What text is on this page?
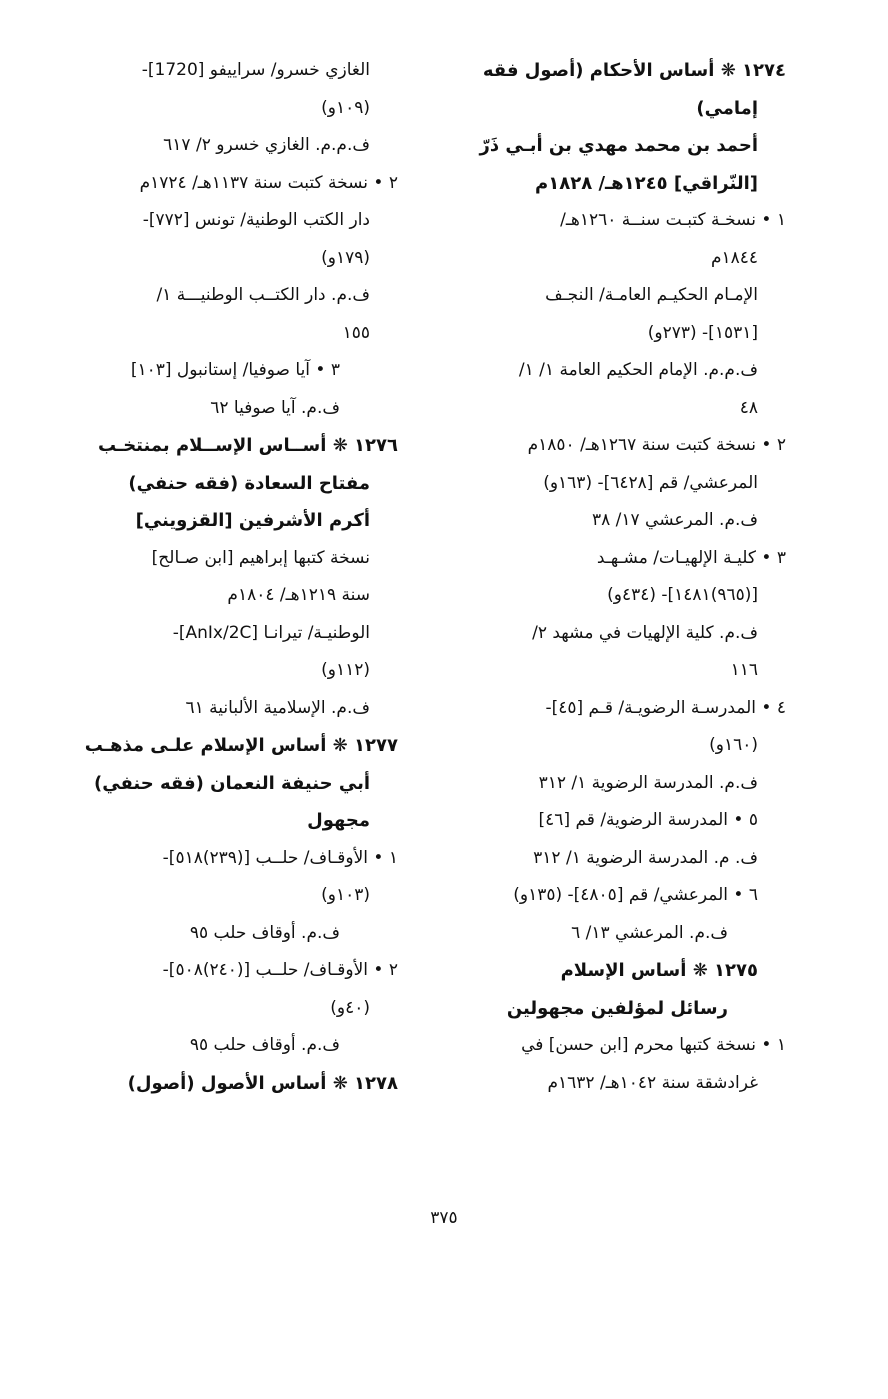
١٢٧٤ ❋ أساس الأحكام (أصول فقه
إمامي)
أحمد بن محمد مهدي بن أبـي ذَرّ
[النّراقي] ١٢٤٥هـ/ ١٨٢٨م
١ • نسخـة كتبـت سنــة ١٢٦٠هـ/
١٨٤٤م
الإمـام الحكيـم العامـة/ النجـف
[١٥٣١]- (٢٧٣و)
ف.م.م. الإمام الحكيم العامة ١/ ١/
٤٨
٢ • نسخة كتبت سنة ١٢٦٧هـ/ ١٨٥٠م
المرعشي/ قم [٦٤٢٨]- (١٦٣و)
ف.م. المرعشي ١٧/ ٣٨
٣ • كليـة الإلهيـات/ مشـهـد
[(٩٦٥)١٤٨١]- (٤٣٤و)
ف.م. كلية الإلهيات في مشهد ٢/
١١٦
٤ • المدرسـة الرضويـة/ قـم [٤٥]-
(١٦٠و)
ف.م. المدرسة الرضوية ١/ ٣١٢
٥ • المدرسة الرضوية/ قم [٤٦]
ف. م. المدرسة الرضوية ١/ ٣١٢
٦ • المرعشي/ قم [٤٨٠٥]- (١٣٥و)
ف.م. المرعشي ١٣/ ٦
١٢٧٥ ❋ أساس الإسلام
رسائل لمؤلفين مجهولين
١ • نسخة كتبها محرم [ابن حسن] في
غرادشقة سنة ١٠٤٢هـ/ ١٦٣٢م
الغازي خسرو/ سراييفو [1720]-
(١٠٩و)
ف.م.م. الغازي خسرو ٢/ ٦١٧
٢ • نسخة كتبت سنة ١١٣٧هـ/ ١٧٢٤م
دار الكتب الوطنية/ تونس [٧٧٢]-
(١٧٩و)
ف.م. دار الكتــب الوطنيـــة ١/
١٥٥
٣ • آيا صوفيا/ إستانبول [١٠٣]
ف.م. آيا صوفيا ٦٢
١٢٧٦ ❋ أســاس الإســلام بمنتخـب
مفتاح السعادة (فقه حنفي)
أكرم الأشرفين [القزويني]
نسخة كتبها إبراهيم [ابن صـالح]
سنة ١٢١٩هـ/ ١٨٠٤م
الوطنيـة/ تيرانـا [AnIx/2C]-
(١١٢و)
ف.م. الإسلامية الألبانية ٦١
١٢٧٧ ❋ أساس الإسلام علـى مذهـب
أبي حنيفة النعمان (فقه حنفي)
مجهول
١ • الأوقـاف/ حلــب [(٢٣٩)٥١٨]-
(١٠٣و)
ف.م. أوقاف حلب ٩٥
٢ • الأوقـاف/ حلــب [(٢٤٠)٥٠٨]-
(٤٠و)
ف.م. أوقاف حلب ٩٥
١٢٧٨ ❋ أساس الأصول (أصول)
٣٧٥
